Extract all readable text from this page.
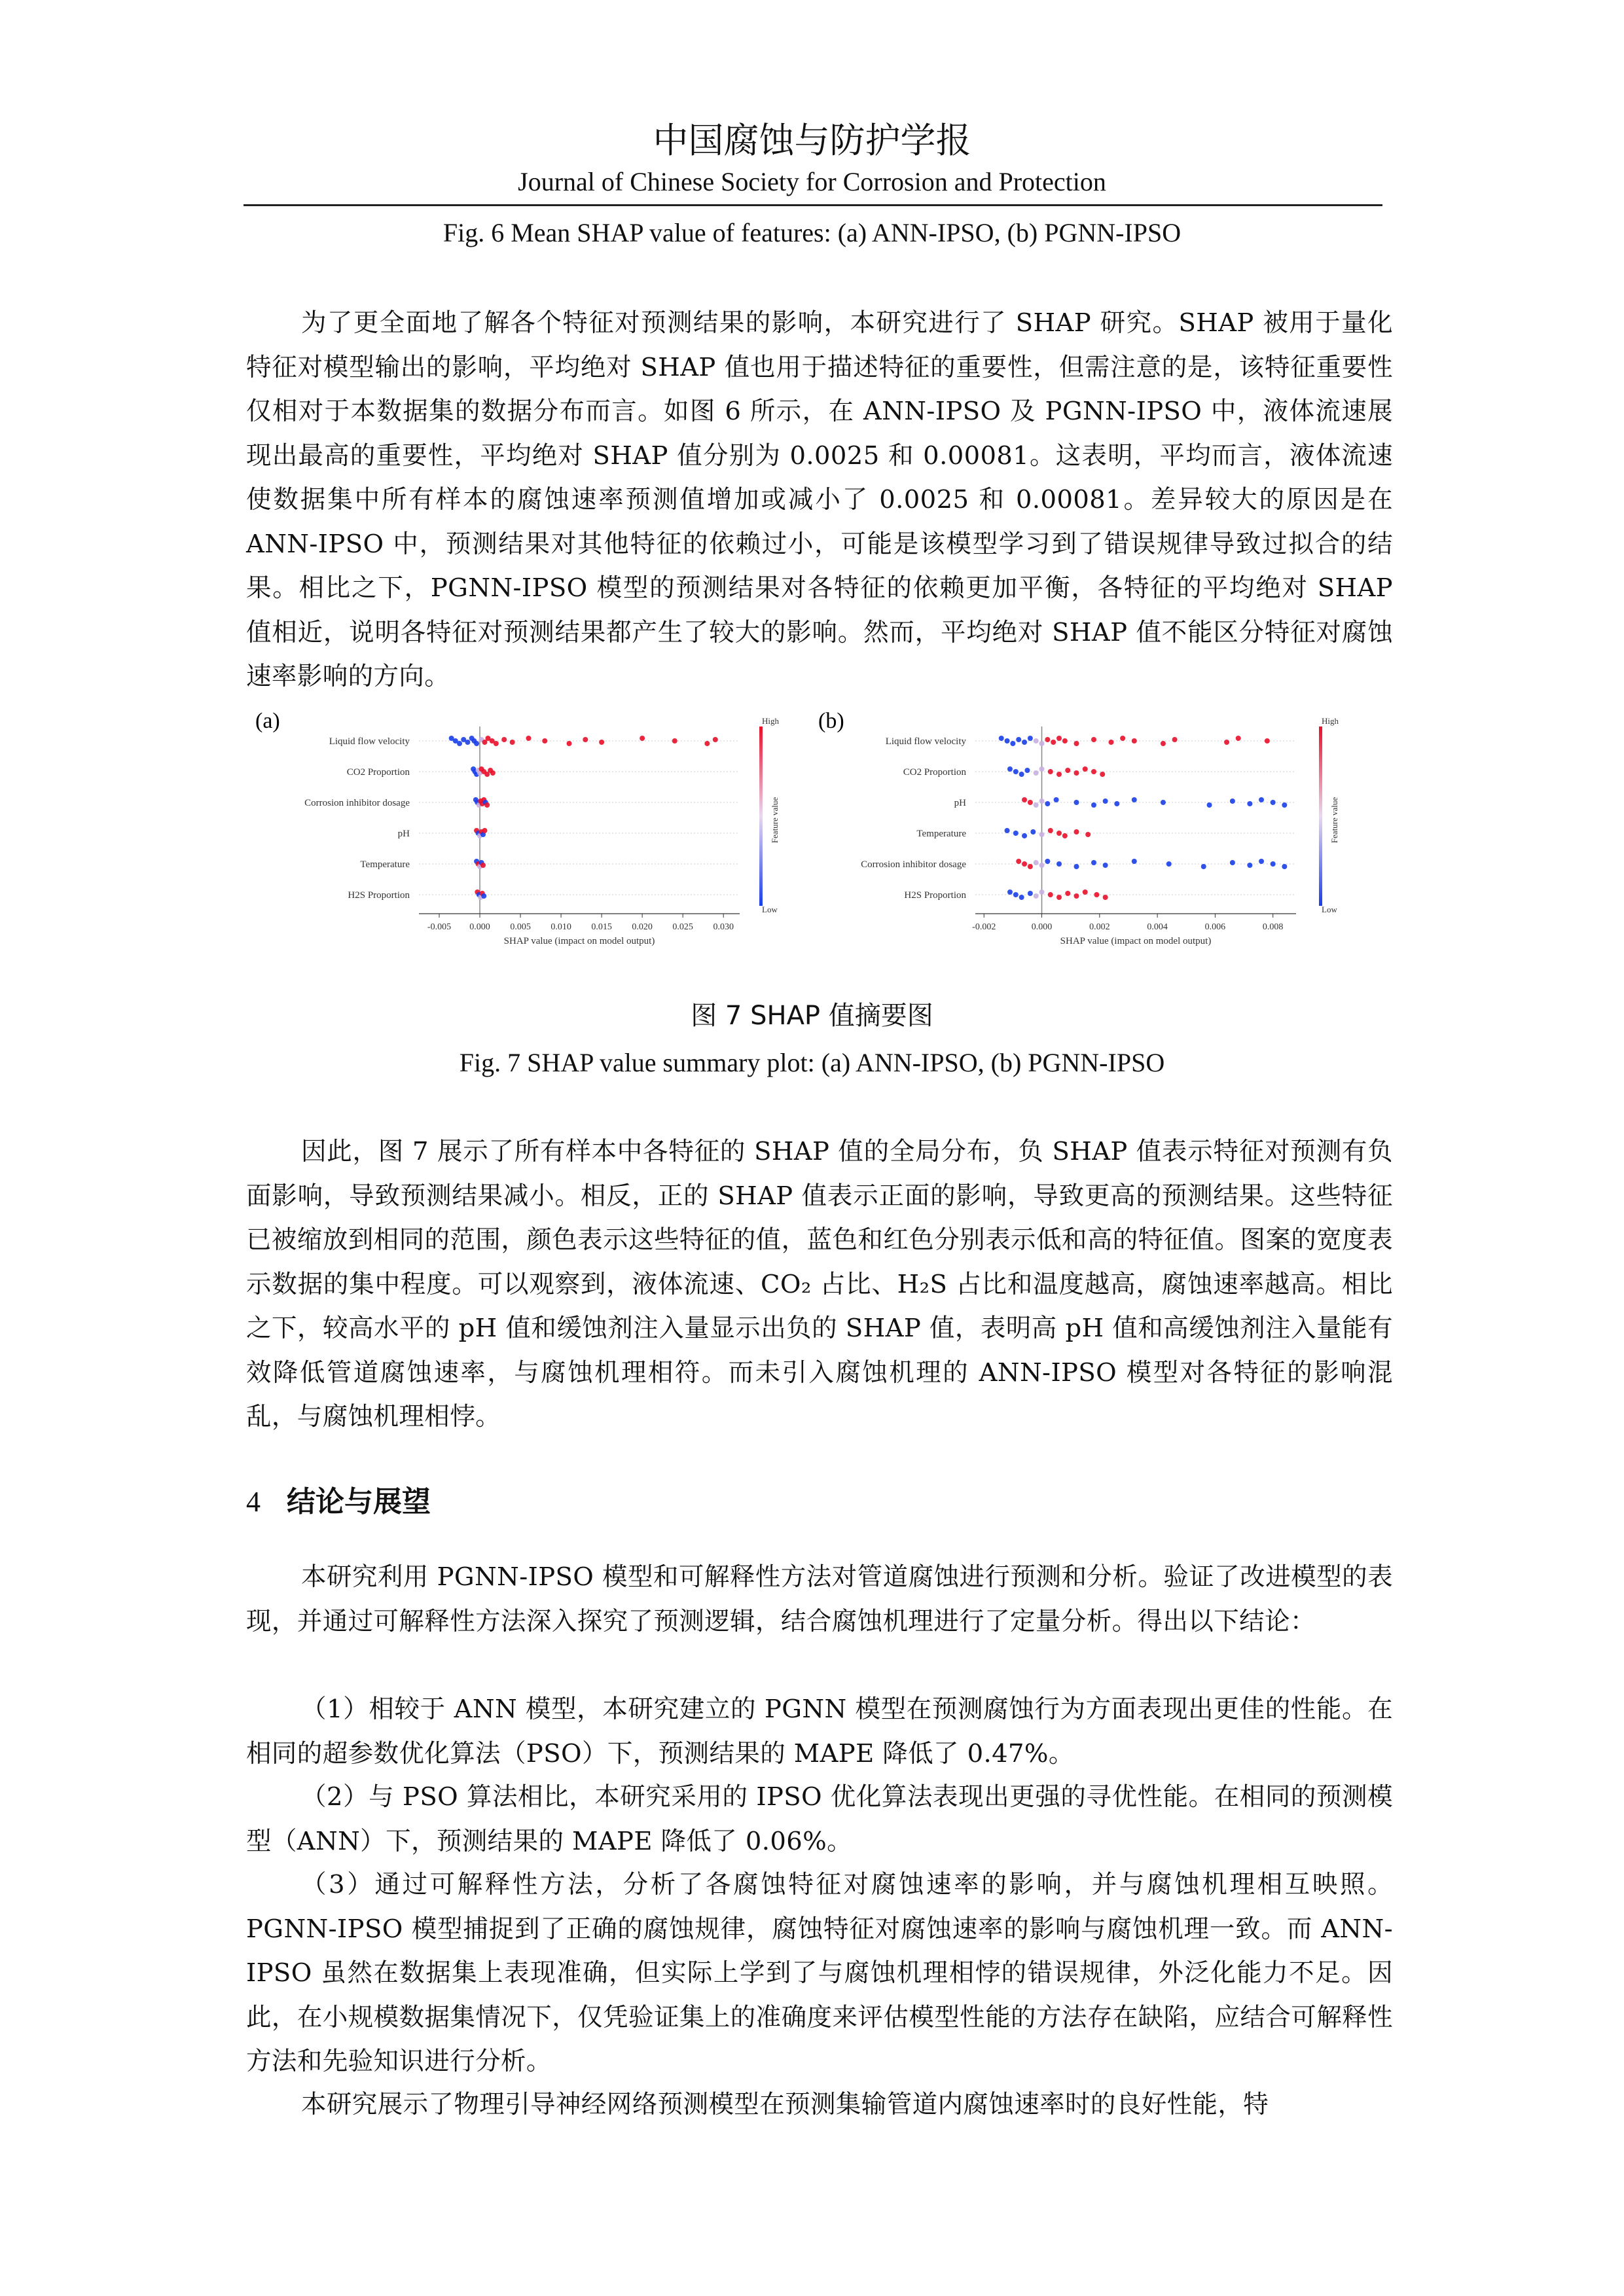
中国腐蚀与防护学报
Journal of Chinese Society for Corrosion and Protection
Fig. 6 Mean SHAP value of features: (a) ANN-IPSO, (b) PGNN-IPSO

为了更全面地了解各个特征对预测结果的影响，本研究进行了 SHAP 研究。SHAP 被用于量化特征对模型输出的影响，平均绝对 SHAP 值也用于描述特征的重要性，但需注意的是，该特征重要性仅相对于本数据集的数据分布而言。如图 6 所示，在 ANN-IPSO 及 PGNN-IPSO 中，液体流速展现出最高的重要性，平均绝对 SHAP 值分别为 0.0025 和 0.00081。这表明，平均而言，液体流速使数据集中所有样本的腐蚀速率预测值增加或减小了 0.0025 和 0.00081。差异较大的原因是在 ANN-IPSO 中，预测结果对其他特征的依赖过小，可能是该模型学习到了错误规律导致过拟合的结果。相比之下，PGNN-IPSO 模型的预测结果对各特征的依赖更加平衡，各特征的平均绝对 SHAP 值相近，说明各特征对预测结果都产生了较大的影响。然而，平均绝对 SHAP 值不能区分特征对腐蚀速率影响的方向。

(a)
Liquid flow velocity
CO2 Proportion
Corrosion inhibitor dosage
pH
Temperature
H2S Proportion
-0.005 0.000 0.005 0.010 0.015 0.020 0.025 0.030
SHAP value (impact on model output)
High
Low
Feature value
(b)
Liquid flow velocity
CO2 Proportion
pH
Temperature
Corrosion inhibitor dosage
H2S Proportion
-0.002	0.000	0.002	0.004	0.006	0.008
SHAP value (impact on model output)
High
Low
Feature value
图 7 SHAP 值摘要图
Fig. 7 SHAP value summary plot: (a) ANN-IPSO, (b) PGNN-IPSO

因此，图 7 展示了所有样本中各特征的 SHAP 值的全局分布，负 SHAP 值表示特征对预测有负面影响，导致预测结果减小。相反，正的 SHAP 值表示正面的影响，导致更高的预测结果。这些特征已被缩放到相同的范围，颜色表示这些特征的值，蓝色和红色分别表示低和高的特征值。图案的宽度表示数据的集中程度。可以观察到，液体流速、CO₂ 占比、H₂S 占比和温度越高，腐蚀速率越高。相比之下，较高水平的 pH 值和缓蚀剂注入量显示出负的 SHAP 值，表明高 pH 值和高缓蚀剂注入量能有效降低管道腐蚀速率，与腐蚀机理相符。而未引入腐蚀机理的 ANN-IPSO 模型对各特征的影响混乱，与腐蚀机理相悖。

4 结论与展望

本研究利用 PGNN-IPSO 模型和可解释性方法对管道腐蚀进行预测和分析。验证了改进模型的表现，并通过可解释性方法深入探究了预测逻辑，结合腐蚀机理进行了定量分析。得出以下结论：

（1）相较于 ANN 模型，本研究建立的 PGNN 模型在预测腐蚀行为方面表现出更佳的性能。在相同的超参数优化算法（PSO）下，预测结果的 MAPE 降低了 0.47%。

（2）与 PSO 算法相比，本研究采用的 IPSO 优化算法表现出更强的寻优性能。在相同的预测模型（ANN）下，预测结果的 MAPE 降低了 0.06%。

（3）通过可解释性方法，分析了各腐蚀特征对腐蚀速率的影响，并与腐蚀机理相互映照。PGNN-IPSO 模型捕捉到了正确的腐蚀规律，腐蚀特征对腐蚀速率的影响与腐蚀机理一致。而 ANN-IPSO 虽然在数据集上表现准确，但实际上学到了与腐蚀机理相悖的错误规律，外泛化能力不足。因此，在小规模数据集情况下，仅凭验证集上的准确度来评估模型性能的方法存在缺陷，应结合可解释性方法和先验知识进行分析。

本研究展示了物理引导神经网络预测模型在预测集输管道内腐蚀速率时的良好性能，特
